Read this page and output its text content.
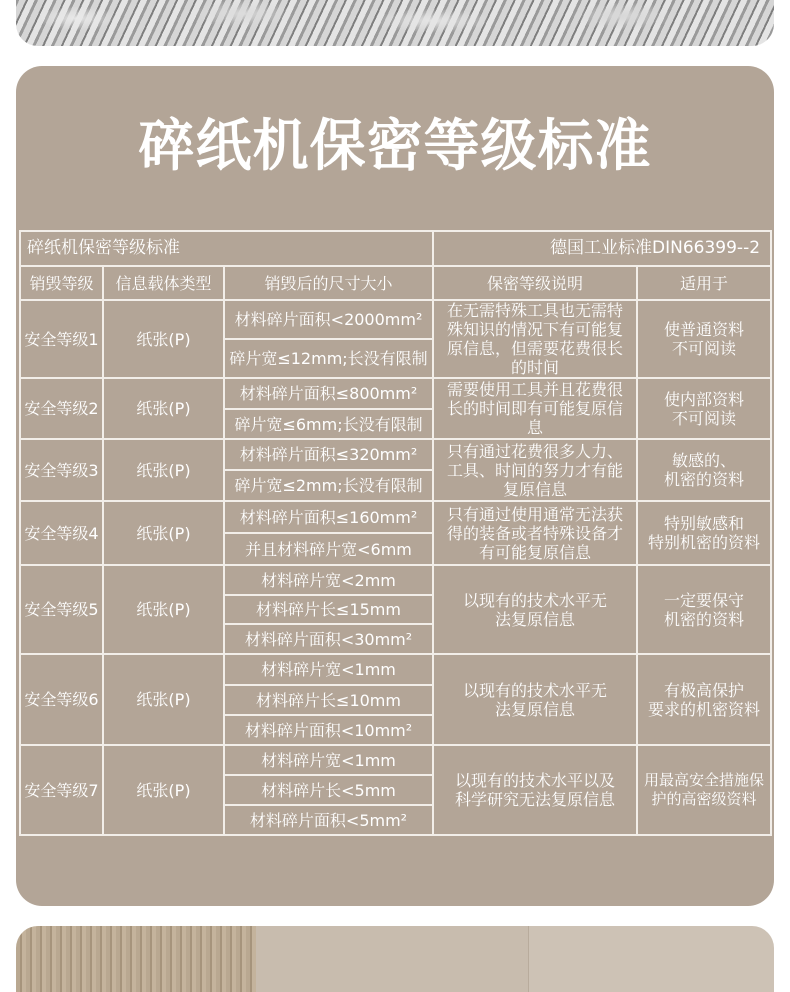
碎纸机保密等级标准
碎纸机保密等级标准			德国工业标准DIN66399--2	
销毁等级	信息载体类型	销毁后的尺寸大小	保密等级说明	适用于
安全等级1	纸张(P)	材料碎片面积<2000mm²	在无需特殊工具也无需特殊知识的情况下有可能复原信息，但需要花费很长的时间	使普通资料
不可阅读
		碎片宽≤12mm;长没有限制		
安全等级2	纸张(P)	材料碎片面积≤800mm²	需要使用工具并且花费很长的时间即有可能复原信息	使内部资料
不可阅读
		碎片宽≤6mm;长没有限制		
安全等级3	纸张(P)	材料碎片面积≤320mm²	只有通过花费很多人力、工具、时间的努力才有能复原信息	敏感的、
机密的资料
		碎片宽≤2mm;长没有限制		
安全等级4	纸张(P)	材料碎片面积≤160mm²	只有通过使用通常无法获得的装备或者特殊设备才有可能复原信息	特别敏感和
特别机密的资料
		并且材料碎片宽<6mm		
安全等级5	纸张(P)	材料碎片宽<2mm	以现有的技术水平无法复原信息	一定要保守
机密的资料
		材料碎片长≤15mm		
		材料碎片面积<30mm²		
安全等级6	纸张(P)	材料碎片宽<1mm	以现有的技术水平无法复原信息	有极高保护
要求的机密资料
		材料碎片长≤10mm		
		材料碎片面积<10mm²		
安全等级7	纸张(P)	材料碎片宽<1mm	以现有的技术水平以及科学研究无法复原信息	用最高安全措施保
护的高密级资料
		材料碎片长<5mm		
		材料碎片面积<5mm²		
